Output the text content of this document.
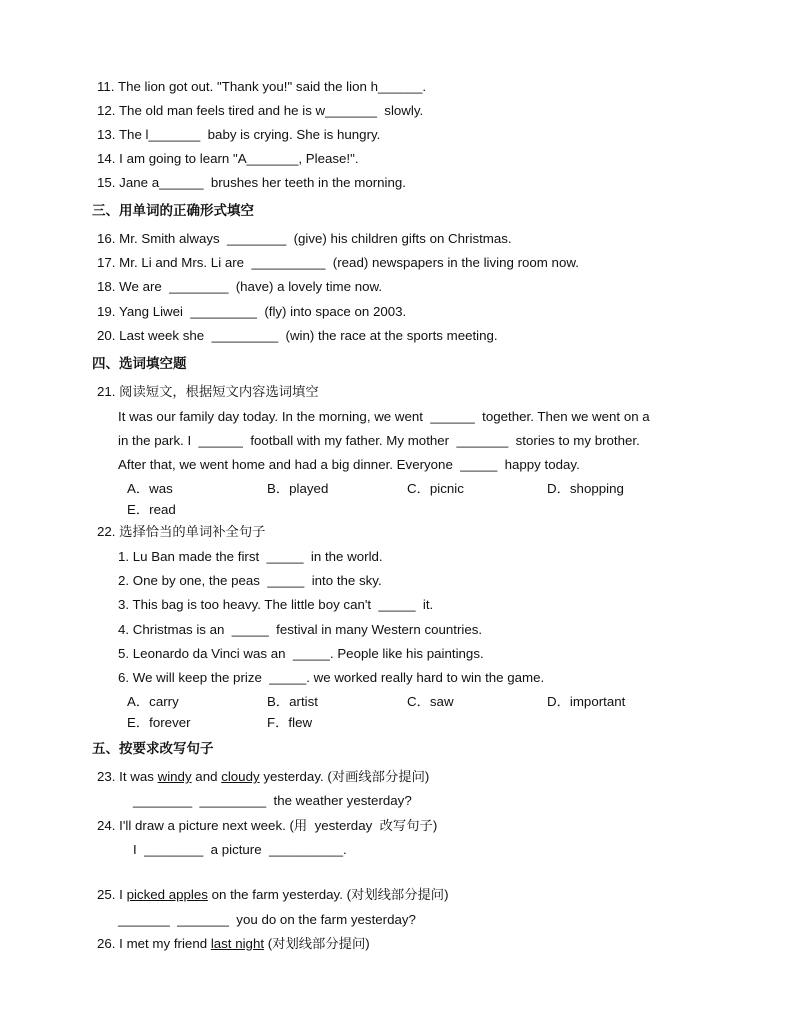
11. The lion got out. "Thank you!" said the lion h______.
12. The old man feels tired and he is w_______  slowly.
13. The l_______  baby is crying. She is hungry.
14. I am going to learn "A_______, Please!".
15. Jane a______  brushes her teeth in the morning.
三、用单词的正确形式填空
16. Mr. Smith always  ________  (give) his children gifts on Christmas.
17. Mr. Li and Mrs. Li are  __________  (read) newspapers in the living room now.
18. We are  ________  (have) a lovely time now.
19. Yang Liwei  _________  (fly) into space on 2003.
20. Last week she  _________  (win) the race at the sports meeting.
四、选词填空题
21. 阅读短文，根据短文内容选词填空
It was our family day today. In the morning, we went  ______  together. Then we went on a
in the park. I  ______  football with my father. My mother  _______  stories to my brother.
After that, we went home and had a big dinner. Everyone  _____  happy today.
A．was	B．played	C．picnic	D．shopping
E．read
22. 选择恰当的单词补全句子
1. Lu Ban made the first  _____  in the world.
2. One by one, the peas  _____  into the sky.
3. This bag is too heavy. The little boy can't  _____  it.
4. Christmas is an  _____  festival in many Western countries.
5. Leonardo da Vinci was an  _____. People like his paintings.
6. We will keep the prize  _____. we worked really hard to win the game.
A．carry	B．artist	C．saw	D．important
E．forever	F．flew
五、按要求改写句子
23. It was windy and cloudy yesterday. (对画线部分提问)
________  _________  the weather yesterday?
24. I'll draw a picture next week. (用  yesterday  改写句子)
I  ________  a picture  __________.
25. I picked apples on the farm yesterday. (对划线部分提问)
_______  _______  you do on the farm yesterday?
26. I met my friend last night (对划线部分提问)
